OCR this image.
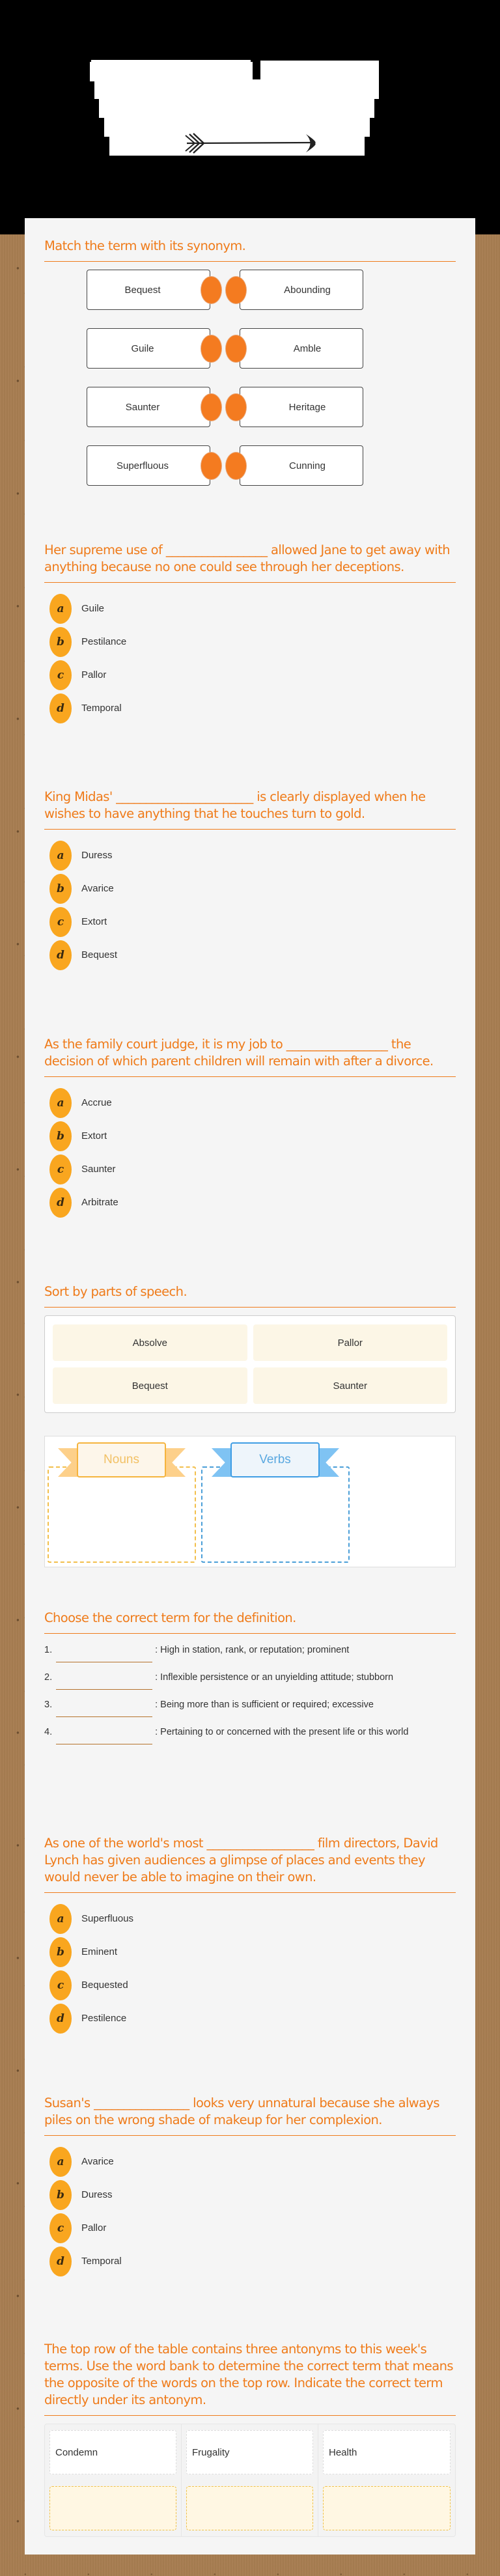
Match the term with its synonym.
Bequest	Abounding
Guile	Amble
Saunter	Heritage
Superfluous	Cunning
Her supreme use of _________________ allowed Jane to get away with anything because no one could see through her deceptions.
a	Guile
b	Pestilance
c	Pallor
d	Temporal
King Midas' _______________________ is clearly displayed when he wishes to have anything that he touches turn to gold.
a	Duress
b	Avarice
c	Extort
d	Bequest
As the family court judge, it is my job to _________________ the decision of which parent children will remain with after a divorce.
a	Accrue
b	Extort
c	Saunter
d	Arbitrate
Sort by parts of speech.
Absolve	Pallor
Bequest	Saunter
Nouns	Verbs
Choose the correct term for the definition.
1.	: High in station, rank, or reputation; prominent
2.	: Inflexible persistence or an unyielding attitude; stubborn
3.	: Being more than is sufficient or required; excessive
4.	: Pertaining to or concerned with the present life or this world
As one of the world's most __________________ film directors, David Lynch has given audiences a glimpse of places and events they would never be able to imagine on their own.
a	Superfluous
b	Eminent
c	Bequested
d	Pestilence
Susan's ________________ looks very unnatural because she always piles on the wrong shade of makeup for her complexion.
a	Avarice
b	Duress
c	Pallor
d	Temporal
The top row of the table contains three antonyms to this week's terms. Use the word bank to determine the correct term that means the opposite of the words on the top row. Indicate the correct term directly under its antonym.
Condemn	Frugality	Health
